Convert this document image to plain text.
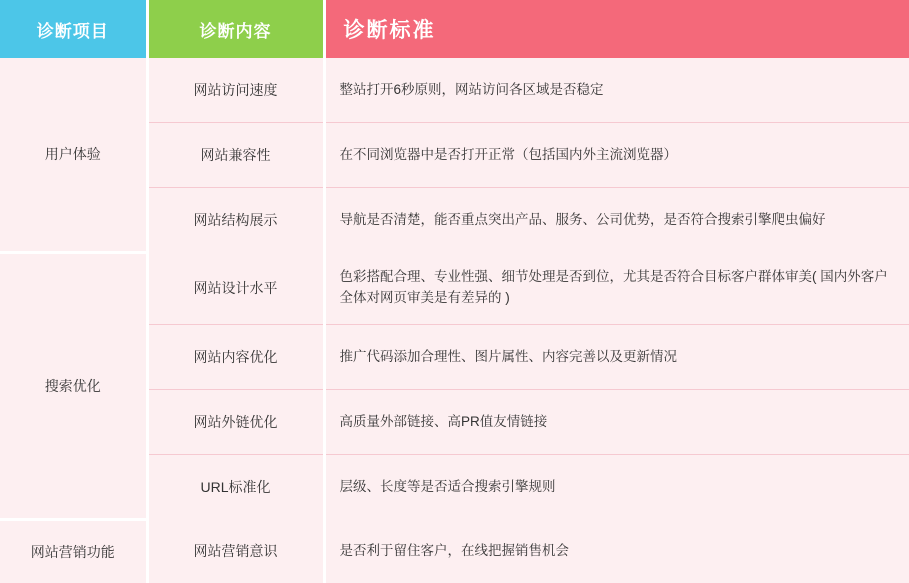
诊断项目	诊断内容	诊断标准
用户体验	网站访问速度	整站打开6秒原则，网站访问各区域是否稳定
	网站兼容性	在不同浏览器中是否打开正常（包括国内外主流浏览器）
	网站结构展示	导航是否清楚，能否重点突出产品、服务、公司优势，是否符合搜索引擎爬虫偏好
搜索优化	网站设计水平	色彩搭配合理、专业性强、细节处理是否到位，尤其是否符合目标客户群体审美( 国内外客户全体对网页审美是有差异的 )
	网站内容优化	推广代码添加合理性、图片属性、内容完善以及更新情况
	网站外链优化	高质量外部链接、高PR值友情链接
	URL标准化	层级、长度等是否适合搜索引擎规则
网站营销功能	网站营销意识	是否利于留住客户，在线把握销售机会
